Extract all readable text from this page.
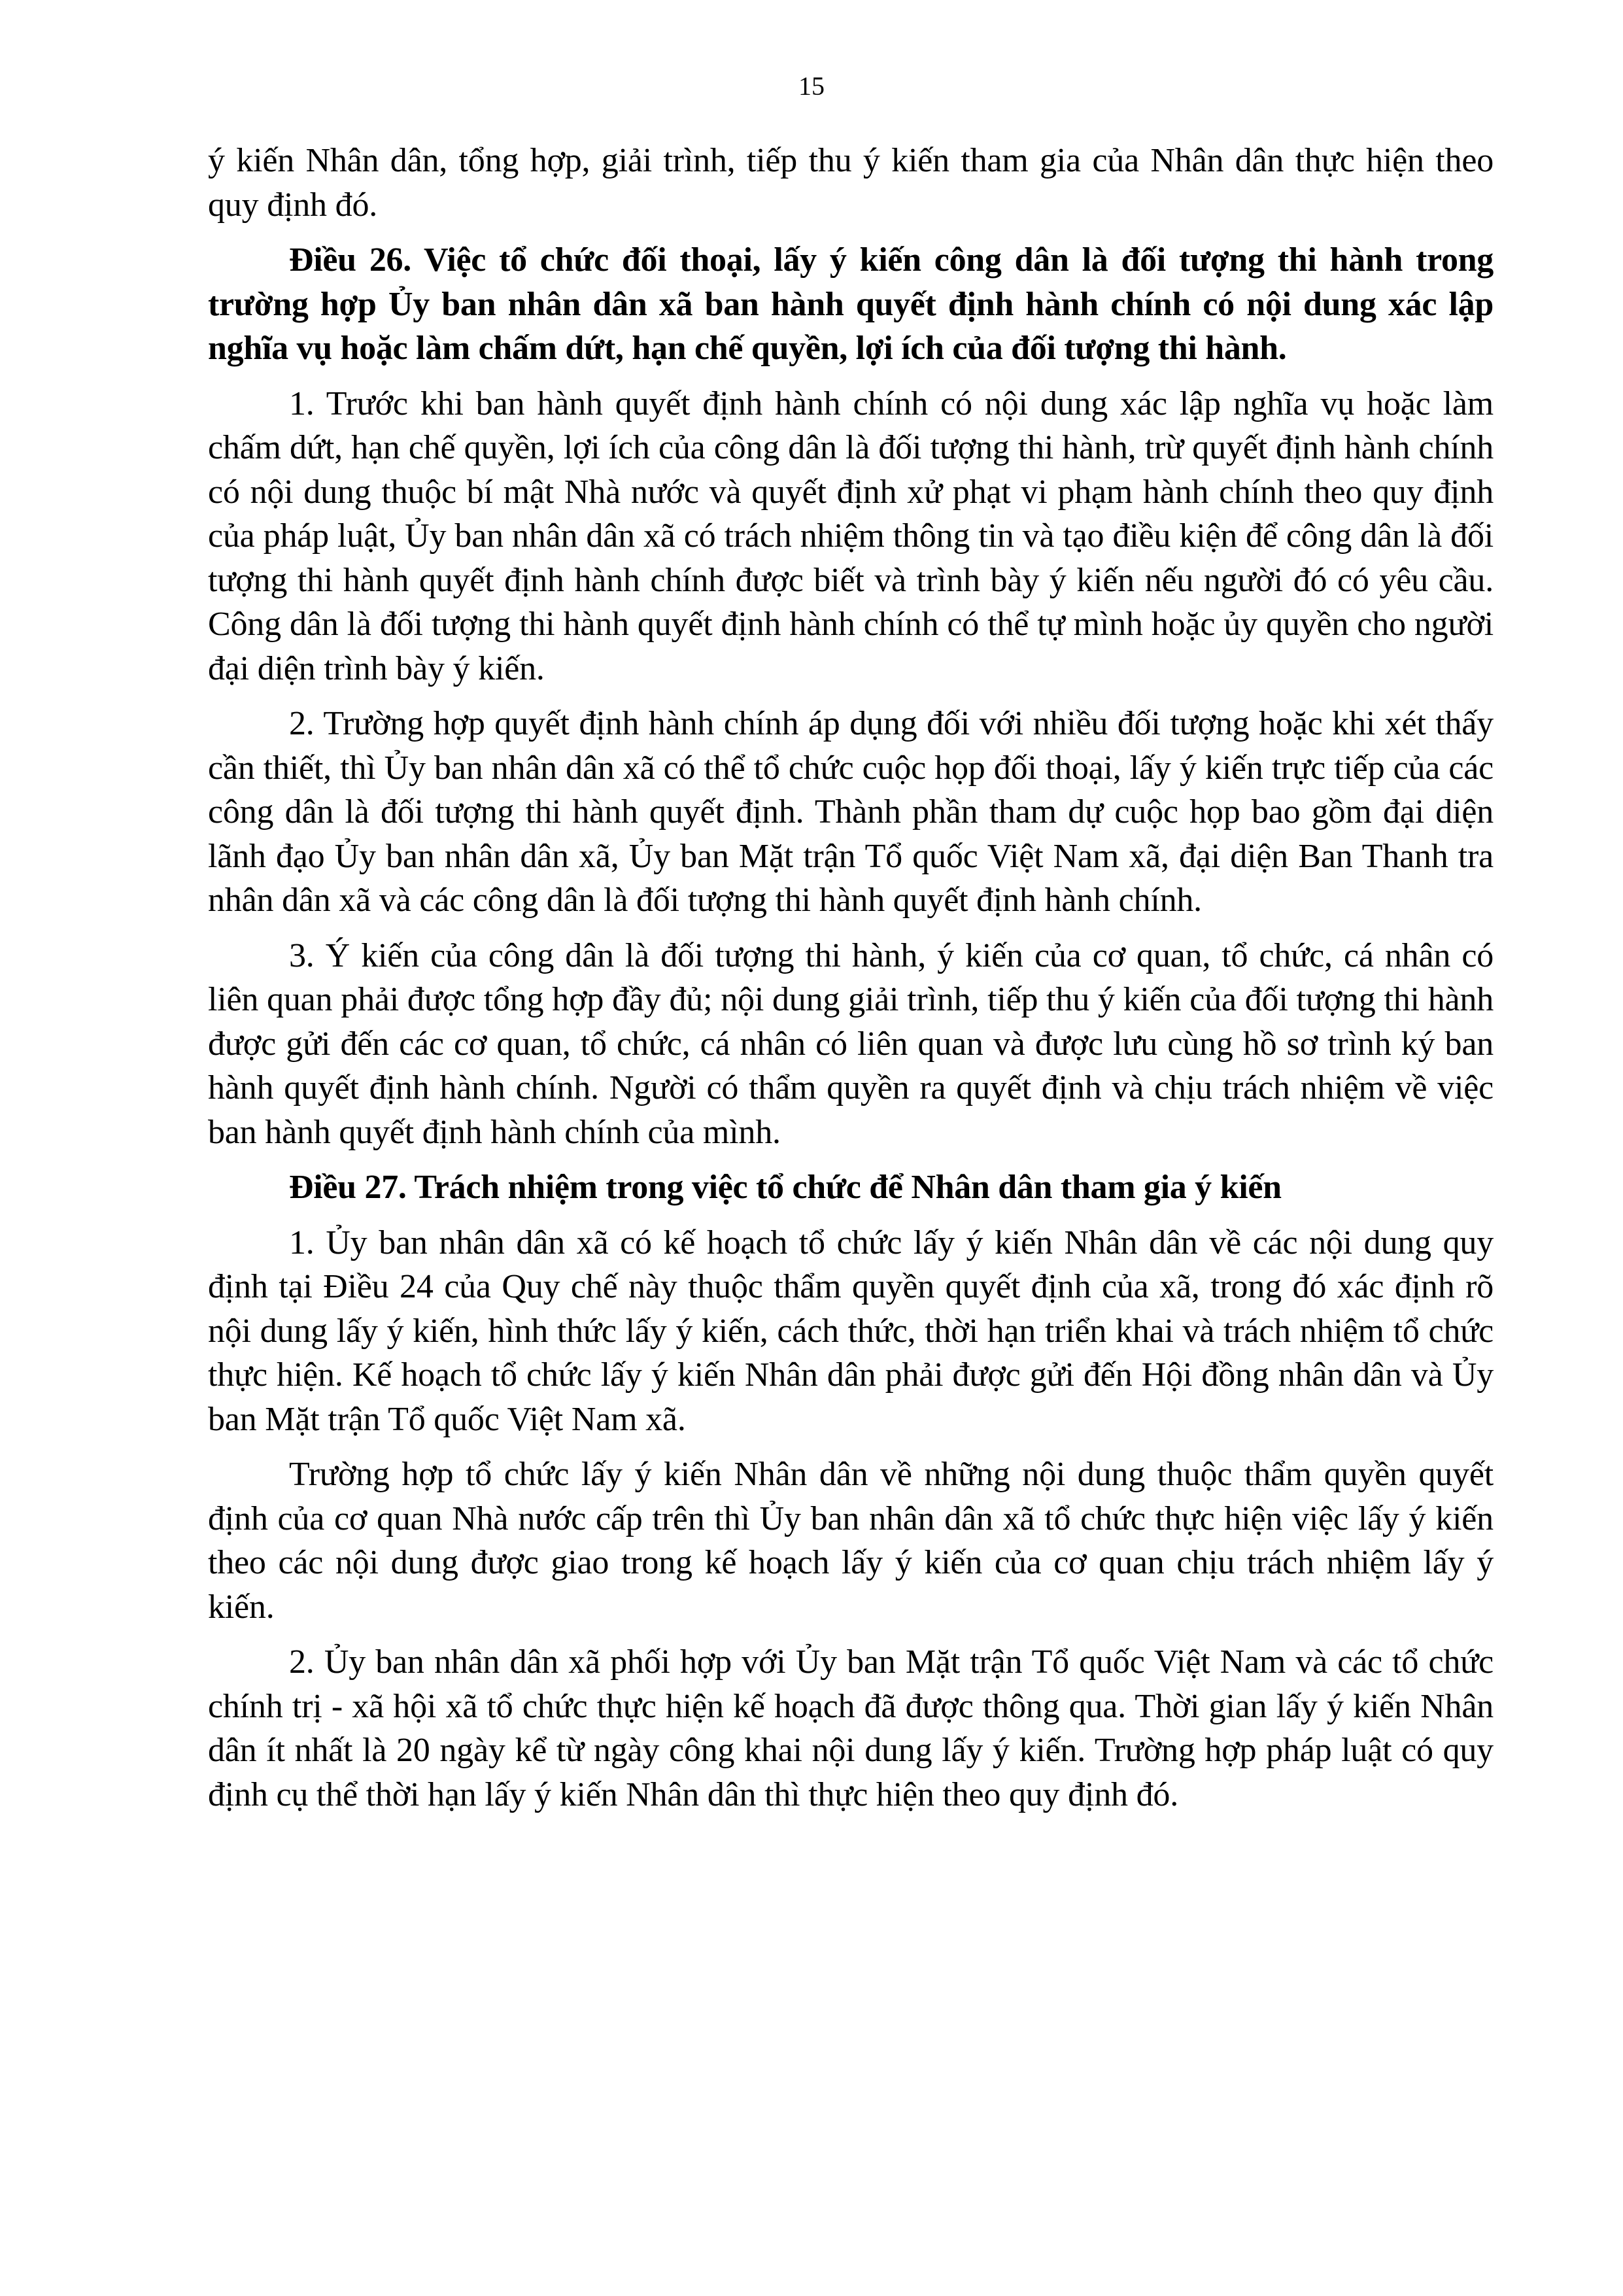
15

ý kiến Nhân dân, tổng hợp, giải trình, tiếp thu ý kiến tham gia của Nhân dân thực hiện theo quy định đó.

Điều 26. Việc tổ chức đối thoại, lấy ý kiến công dân là đối tượng thi hành trong trường hợp Ủy ban nhân dân xã ban hành quyết định hành chính có nội dung xác lập nghĩa vụ hoặc làm chấm dứt, hạn chế quyền, lợi ích của đối tượng thi hành.

1. Trước khi ban hành quyết định hành chính có nội dung xác lập nghĩa vụ hoặc làm chấm dứt, hạn chế quyền, lợi ích của công dân là đối tượng thi hành, trừ quyết định hành chính có nội dung thuộc bí mật Nhà nước và quyết định xử phạt vi phạm hành chính theo quy định của pháp luật, Ủy ban nhân dân xã có trách nhiệm thông tin và tạo điều kiện để công dân là đối tượng thi hành quyết định hành chính được biết và trình bày ý kiến nếu người đó có yêu cầu. Công dân là đối tượng thi hành quyết định hành chính có thể tự mình hoặc ủy quyền cho người đại diện trình bày ý kiến.

2. Trường hợp quyết định hành chính áp dụng đối với nhiều đối tượng hoặc khi xét thấy cần thiết, thì Ủy ban nhân dân xã có thể tổ chức cuộc họp đối thoại, lấy ý kiến trực tiếp của các công dân là đối tượng thi hành quyết định. Thành phần tham dự cuộc họp bao gồm đại diện lãnh đạo Ủy ban nhân dân xã, Ủy ban Mặt trận Tổ quốc Việt Nam xã, đại diện Ban Thanh tra nhân dân xã và các công dân là đối tượng thi hành quyết định hành chính.

3. Ý kiến của công dân là đối tượng thi hành, ý kiến của cơ quan, tổ chức, cá nhân có liên quan phải được tổng hợp đầy đủ; nội dung giải trình, tiếp thu ý kiến của đối tượng thi hành được gửi đến các cơ quan, tổ chức, cá nhân có liên quan và được lưu cùng hồ sơ trình ký ban hành quyết định hành chính. Người có thẩm quyền ra quyết định và chịu trách nhiệm về việc ban hành quyết định hành chính của mình.

Điều 27. Trách nhiệm trong việc tổ chức để Nhân dân tham gia ý kiến

1. Ủy ban nhân dân xã có kế hoạch tổ chức lấy ý kiến Nhân dân về các nội dung quy định tại Điều 24 của Quy chế này thuộc thẩm quyền quyết định của xã, trong đó xác định rõ nội dung lấy ý kiến, hình thức lấy ý kiến, cách thức, thời hạn triển khai và trách nhiệm tổ chức thực hiện. Kế hoạch tổ chức lấy ý kiến Nhân dân phải được gửi đến Hội đồng nhân dân và Ủy ban Mặt trận Tổ quốc Việt Nam xã.

Trường hợp tổ chức lấy ý kiến Nhân dân về những nội dung thuộc thẩm quyền quyết định của cơ quan Nhà nước cấp trên thì Ủy ban nhân dân xã tổ chức thực hiện việc lấy ý kiến theo các nội dung được giao trong kế hoạch lấy ý kiến của cơ quan chịu trách nhiệm lấy ý kiến.

2. Ủy ban nhân dân xã phối hợp với Ủy ban Mặt trận Tổ quốc Việt Nam và các tổ chức chính trị - xã hội xã tổ chức thực hiện kế hoạch đã được thông qua. Thời gian lấy ý kiến Nhân dân ít nhất là 20 ngày kể từ ngày công khai nội dung lấy ý kiến. Trường hợp pháp luật có quy định cụ thể thời hạn lấy ý kiến Nhân dân thì thực hiện theo quy định đó.
